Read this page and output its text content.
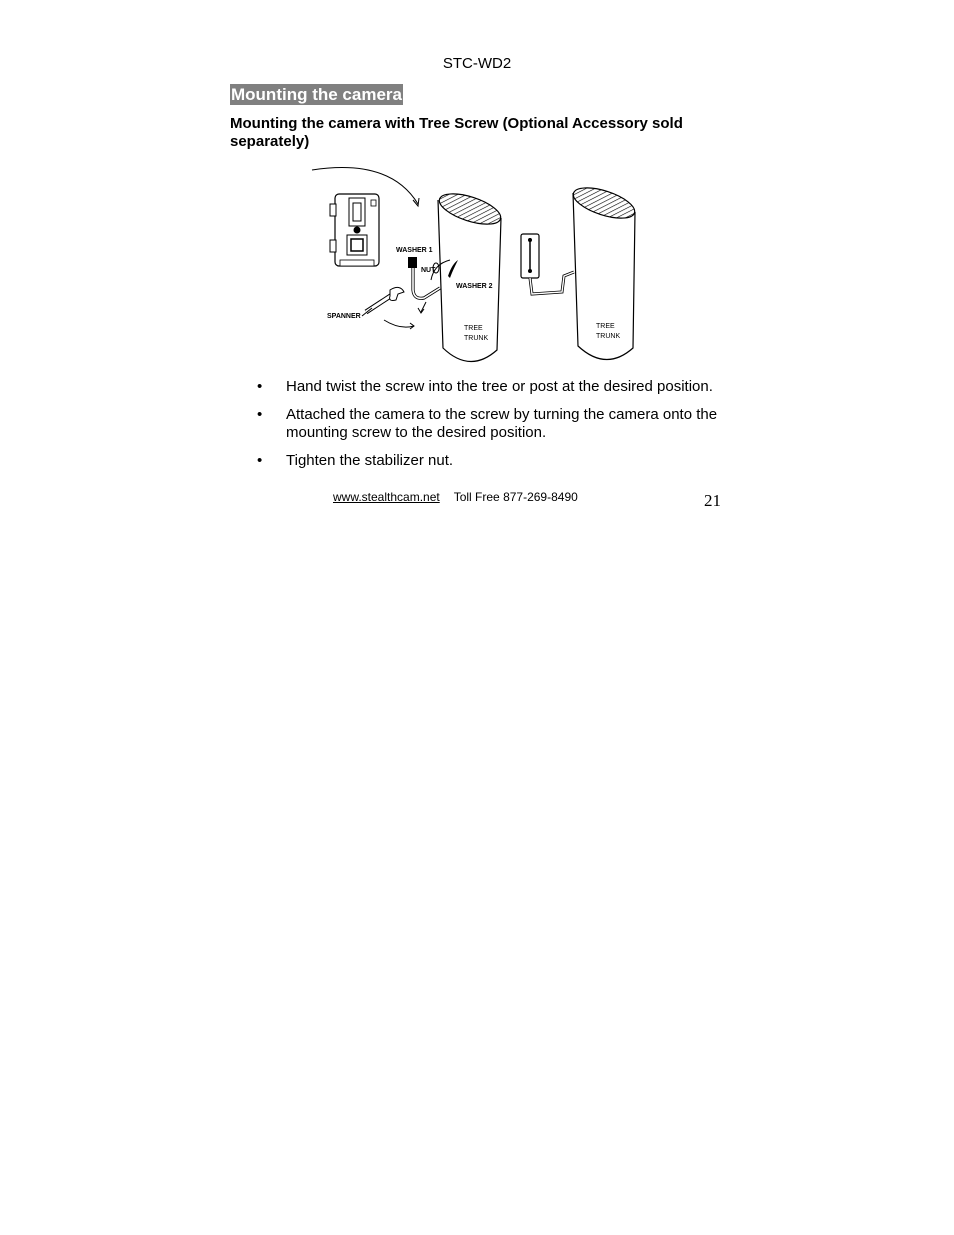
STC-WD2
Mounting the camera
Mounting the camera with Tree Screw (Optional Accessory sold separately)
WASHER 1
NUT
WASHER 2
SPANNER
TREE
TRUNK
TREE
TRUNK
• Hand twist the screw into the tree or post at the desired position.
• Attached the camera to the screw by turning the camera onto the mounting screw to the desired position.
• Tighten the stabilizer nut.
www.stealthcam.net Toll Free 877-269-8490	21
